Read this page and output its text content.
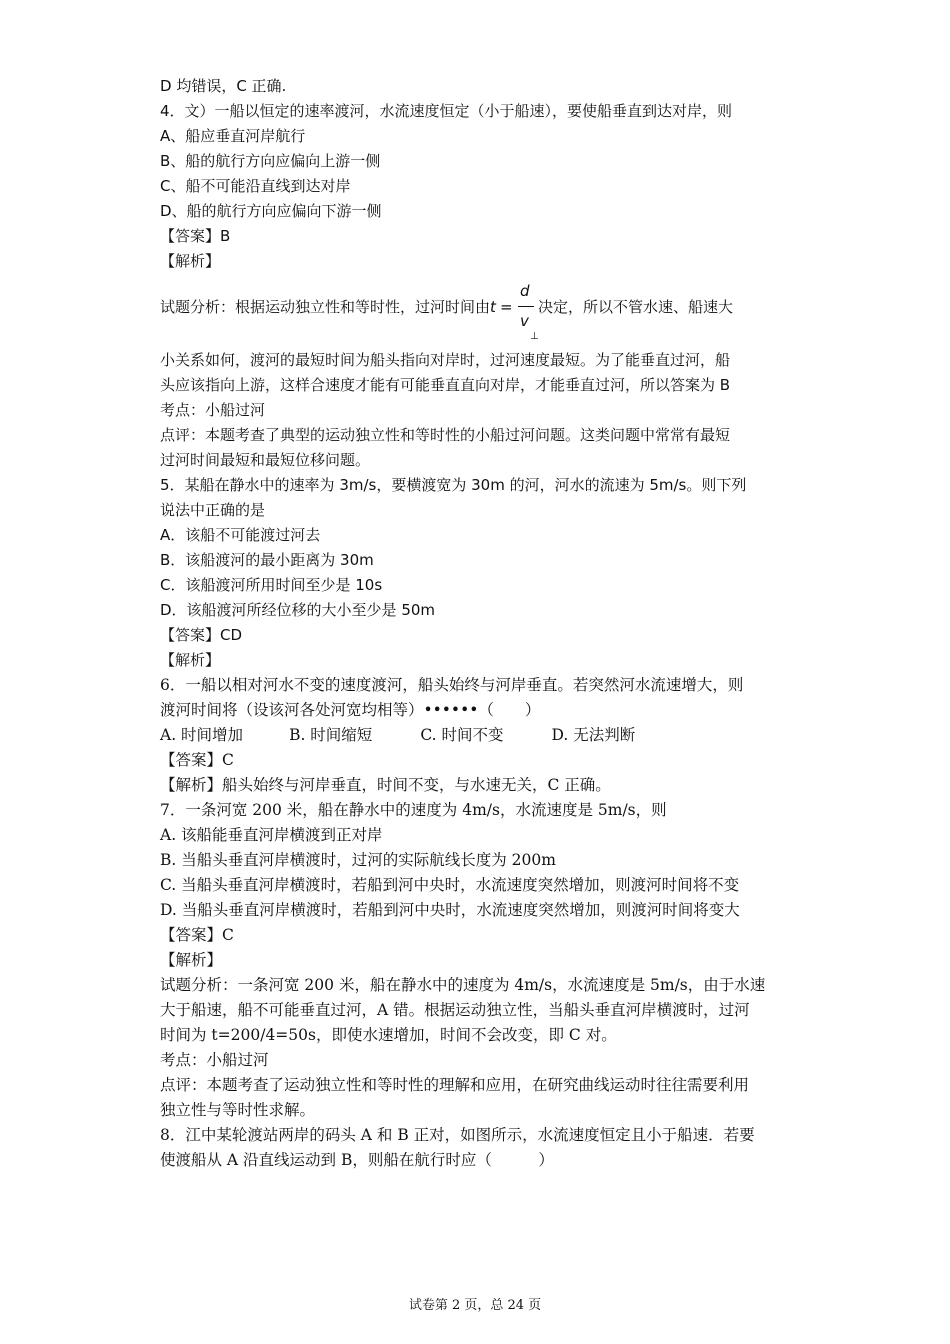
D 均错误，C 正确.
4．文）一船以恒定的速率渡河，水流速度恒定（小于船速），要使船垂直到达对岸，则
A、船应垂直河岸航行
B、船的航行方向应偏向上游一侧
C、船不可能沿直线到达对岸
D、船的航行方向应偏向下游一侧
【答案】B
【解析】
试题分析：根据运动独立性和等时性，过河时间由 t =
d
v
⊥
决定，所以不管水速、船速大
小关系如何，渡河的最短时间为船头指向对岸时，过河速度最短。为了能垂直过河，船
头应该指向上游，这样合速度才能有可能垂直直向对岸，才能垂直过河，所以答案为 B
考点：小船过河
点评：本题考查了典型的运动独立性和等时性的小船过河问题。这类问题中常常有最短
过河时间最短和最短位移问题。
5．某船在静水中的速率为 3m/s，要横渡宽为 30m 的河，河水的流速为 5m/s。则下列
说法中正确的是
A．该船不可能渡过河去
B．该船渡河的最小距离为 30m
C．该船渡河所用时间至少是 10s
D．该船渡河所经位移的大小至少是 50m
【答案】CD
【解析】
6．一船以相对河水不变的速度渡河，船头始终与河岸垂直。若突然河水流速增大，则
渡河时间将（设该河各处河宽均相等）••••••（　　）
A. 时间增加	B. 时间缩短	C. 时间不变	D. 无法判断
【答案】C
【解析】船头始终与河岸垂直，时间不变，与水速无关，C 正确。
7．一条河宽 200 米，船在静水中的速度为 4m/s，水流速度是 5m/s，则
A. 该船能垂直河岸横渡到正对岸
B. 当船头垂直河岸横渡时，过河的实际航线长度为 200m
C. 当船头垂直河岸横渡时，若船到河中央时，水流速度突然增加，则渡河时间将不变
D. 当船头垂直河岸横渡时，若船到河中央时，水流速度突然增加，则渡河时间将变大
【答案】C
【解析】
试题分析：一条河宽 200 米，船在静水中的速度为 4m/s，水流速度是 5m/s，由于水速
大于船速，船不可能垂直过河，A 错。根据运动独立性，当船头垂直河岸横渡时，过河
时间为 t=200/4=50s，即使水速增加，时间不会改变，即 C 对。
考点：小船过河
点评：本题考查了运动独立性和等时性的理解和应用，在研究曲线运动时往往需要利用
独立性与等时性求解。
8．江中某轮渡站两岸的码头 A 和 B 正对，如图所示，水流速度恒定且小于船速．若要
使渡船从 A 沿直线运动到 B，则船在航行时应（　　　）
试卷第 2 页，总 24 页
